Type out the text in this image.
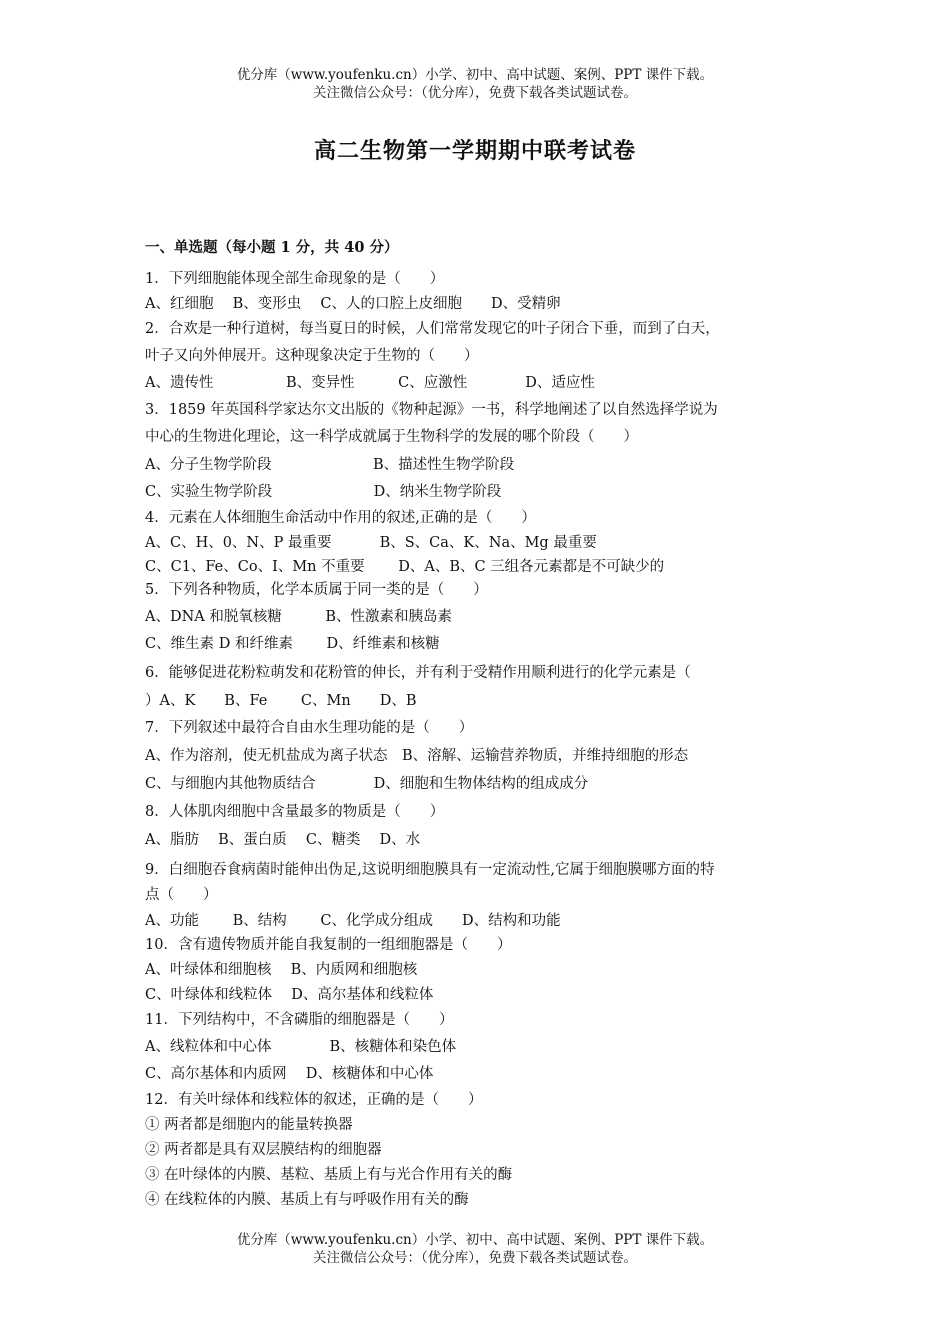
优分库（www.youfenku.cn）小学、初中、高中试题、案例、PPT 课件下载。
关注微信公众号：（优分库），免费下载各类试题试卷。
高二生物第一学期期中联考试卷
一、单选题（每小题 1 分，共 40 分）
1．下列细胞能体现全部生命现象的是（　　）
A、红细胞　 B、变形虫　 C、人的口腔上皮细胞　　D、受精卵
2．合欢是一种行道树，每当夏日的时候，人们常常发现它的叶子闭合下垂，而到了白天，
叶子又向外伸展开。这种现象决定于生物的（　　）
A、遗传性　　　　　B、变异性　　　C、应激性　　　　D、适应性
3．1859 年英国科学家达尔文出版的《物种起源》一书，科学地阐述了以自然选择学说为
中心的生物进化理论，这一科学成就属于生物科学的发展的哪个阶段（　　）
A、分子生物学阶段　　　　　　　B、描述性生物学阶段
C、实验生物学阶段　　　　　　　D、纳米生物学阶段
4．元素在人体细胞生命活动中作用的叙述,正确的是（　　）
A、C、H、0、N、P 最重要　　　 B、S、Ca、K、Na、Mg 最重要
C、C1、Fe、Co、I、Mn 不重要　　 D、A、B、C 三组各元素都是不可缺少的
5．下列各种物质，化学本质属于同一类的是（　　）
A、DNA 和脱氧核糖　　　B、性激素和胰岛素
C、维生素 D 和纤维素　　 D、纤维素和核糖
6．能够促进花粉粒萌发和花粉管的伸长，并有利于受精作用顺利进行的化学元素是（
）A、K　　B、Fe　　 C、Mn　　D、B
7．下列叙述中最符合自由水生理功能的是（　　）
A、作为溶剂，使无机盐成为离子状态　B、溶解、运输营养物质，并维持细胞的形态
C、与细胞内其他物质结合　　　　D、细胞和生物体结构的组成成分
8．人体肌肉细胞中含量最多的物质是（　　）
A、脂肪　 B、蛋白质　 C、糖类　 D、水
9．白细胞吞食病菌时能伸出伪足,这说明细胞膜具有一定流动性,它属于细胞膜哪方面的特
点（　　）
A、功能　　 B、结构　　 C、化学成分组成　　D、结构和功能
10．含有遗传物质并能自我复制的一组细胞器是（　　）
A、叶绿体和细胞核　 B、内质网和细胞核
C、叶绿体和线粒体　 D、高尔基体和线粒体
11．下列结构中，不含磷脂的细胞器是（　　）
A、线粒体和中心体　　　　B、核糖体和染色体
C、高尔基体和内质网　 D、核糖体和中心体
12．有关叶绿体和线粒体的叙述，正确的是（　　）
① 两者都是细胞内的能量转换器
② 两者都是具有双层膜结构的细胞器
③ 在叶绿体的内膜、基粒、基质上有与光合作用有关的酶
④ 在线粒体的内膜、基质上有与呼吸作用有关的酶
优分库（www.youfenku.cn）小学、初中、高中试题、案例、PPT 课件下载。
关注微信公众号：（优分库），免费下载各类试题试卷。
